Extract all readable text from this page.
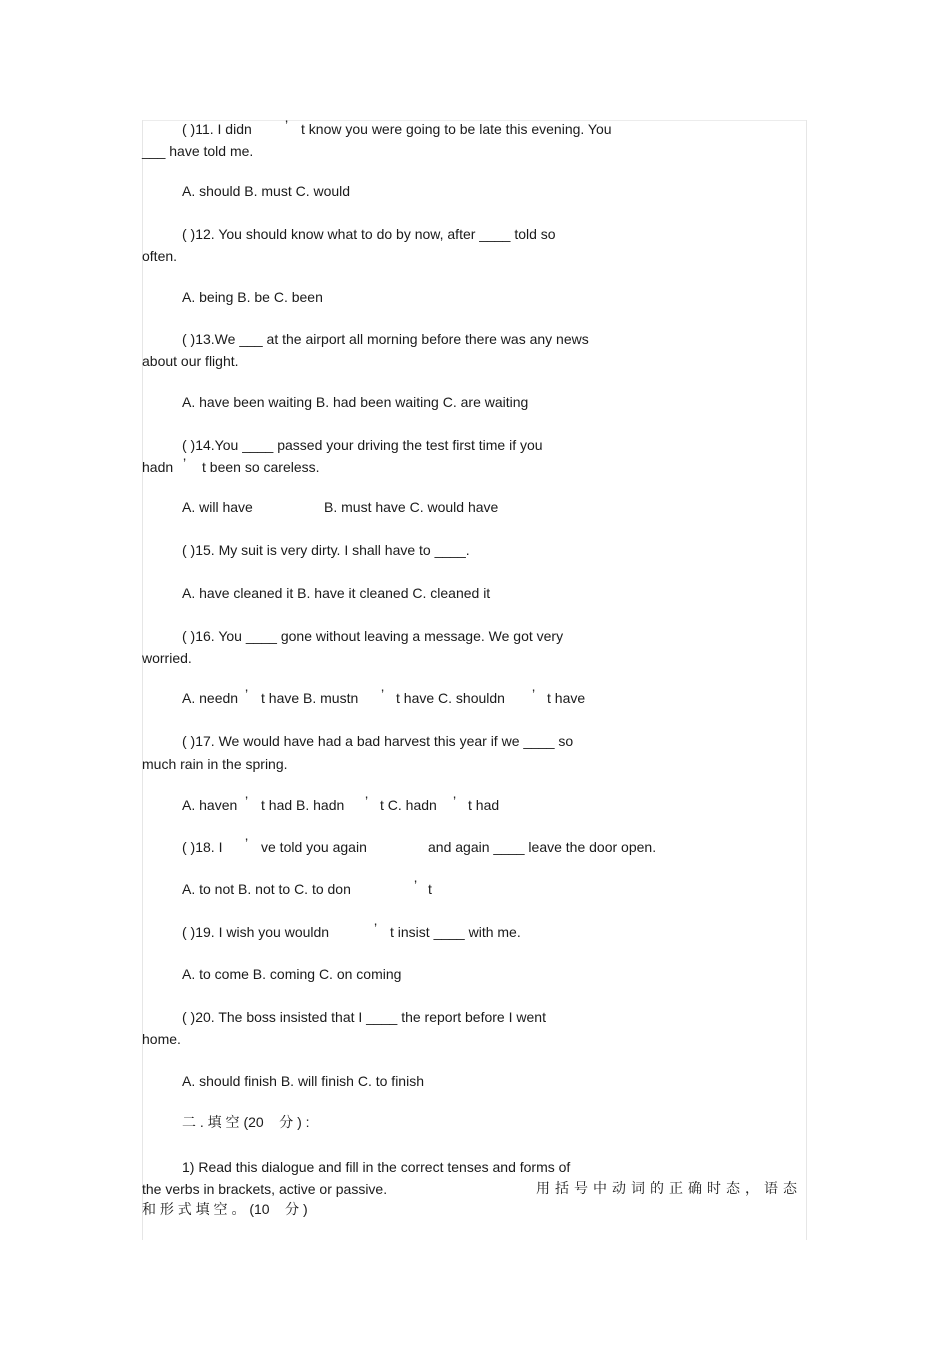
( )11. I didn ’ t know you were going to be late this evening. You

___ have told me.

A. should B. must C. would

( )12. You should know what to do by now, after ____ told so

often.

A. being B. be C. been

( )13.We ___ at the airport all morning before there was any news

about our flight.

A. have been waiting B. had been waiting C. are waiting

( )14.You ____ passed your driving the test first time if you

hadn ’ t been so careless.

A. will have	B. must have C. would have

( )15. My suit is very dirty. I shall have to ____.

A. have cleaned it B. have it cleaned C. cleaned it

( )16. You ____ gone without leaving a message. We got very

worried.

A. needn ’ t have B. mustn ’ t have C. shouldn ’ t have

( )17. We would have had a bad harvest this year if we ____ so

much rain in the spring.

A. haven ’ t had B. hadn ’ t C. hadn ’ t had

( )18. I ’ ve told you again	and again ____ leave the door open.

A. to not B. not to C. to don	’ t

( )19. I wish you wouldn	’ t insist ____ with me.

A. to come B. coming C. on coming

( )20. The boss insisted that I ____ the report before I went

home.

A. should finish B. will finish C. to finish

二 . 填 空 (20    分 ) :

1) Read this dialogue and fill in the correct tenses and forms of

the verbs in brackets, active or passive.	用括号中动词的正确时态，语态

和 形 式 填 空 。 (10    分 )
